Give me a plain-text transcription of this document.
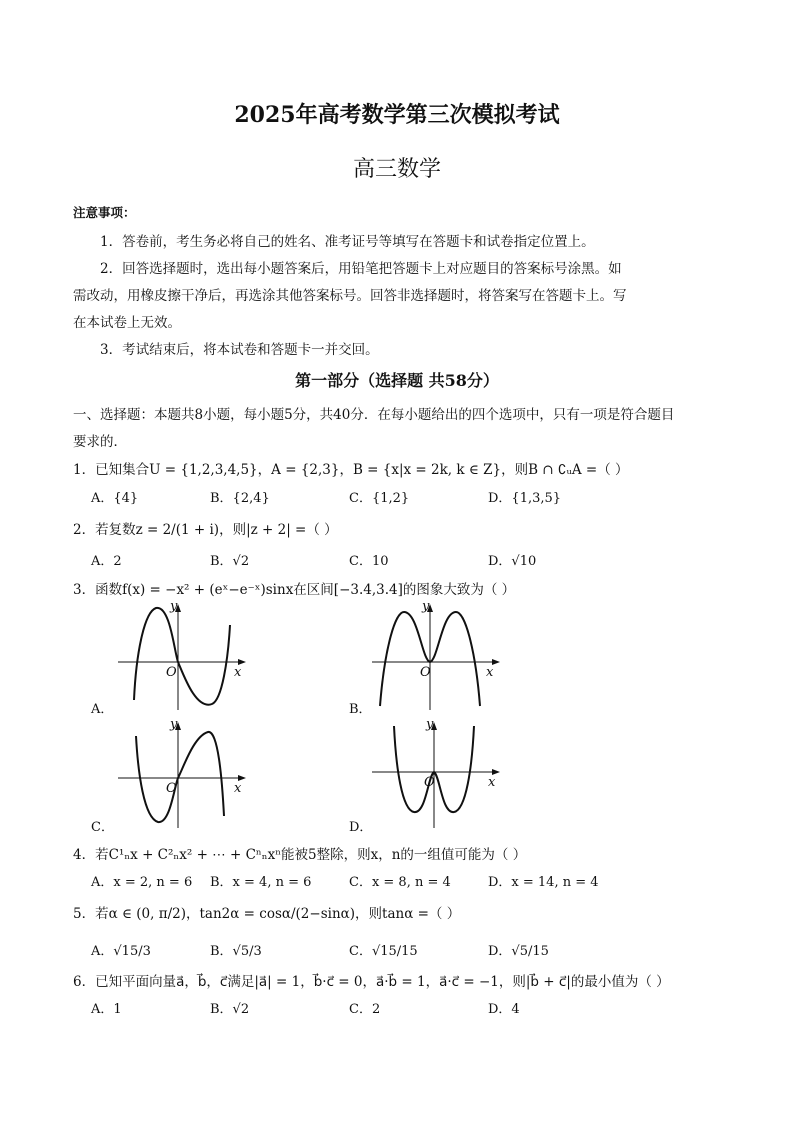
2025年高考数学第三次模拟考试
高三数学
注意事项：
1．答卷前，考生务必将自己的姓名、准考证号等填写在答题卡和试卷指定位置上。
2．回答选择题时，选出每小题答案后，用铅笔把答题卡上对应题目的答案标号涂黑。如
需改动，用橡皮擦干净后，再选涂其他答案标号。回答非选择题时，将答案写在答题卡上。写
在本试卷上无效。
3．考试结束后，将本试卷和答题卡一并交回。
第一部分（选择题 共58分）
一、选择题：本题共8小题，每小题5分，共40分．在每小题给出的四个选项中，只有一项是符合题目
要求的．
1．已知集合U = {1,2,3,4,5}，A = {2,3}，B = {x|x = 2k, k ∈ Z}，则B ∩ ∁ᵤA =（ ）
A．{4}	B．{2,4}	C．{1,2}	D．{1,3,5}
2．若复数z = 2/(1 + i)，则|z + 2| =（ ）
A．2	B．√2	C．10	D．√10
3．函数f(x) = −x² + (eˣ−e⁻ˣ)sinx在区间[−3.4,3.4]的图象大致为（ ）
y
O	x
A．
y
O	x
B．
y
O	x
C．
y
O	x
D．
4．若C¹ₙx + C²ₙx² + ⋯ + Cⁿₙxⁿ能被5整除，则x，n的一组值可能为（ ）
A．x = 2, n = 6 B．x = 4, n = 6	C．x = 8, n = 4	D．x = 14, n = 4
5．若α ∈ (0, π/2)，tan2α = cosα/(2−sinα)，则tanα =（ ）
A．√15/3	B．√5/3	C．√15/15	D．√5/15
6．已知平面向量a⃗，b⃗，c⃗满足|a⃗| = 1，b⃗·c⃗ = 0，a⃗·b⃗ = 1，a⃗·c⃗ = −1，则|b⃗ + c⃗|的最小值为（ ）
A．1	B．√2	C．2	D．4
